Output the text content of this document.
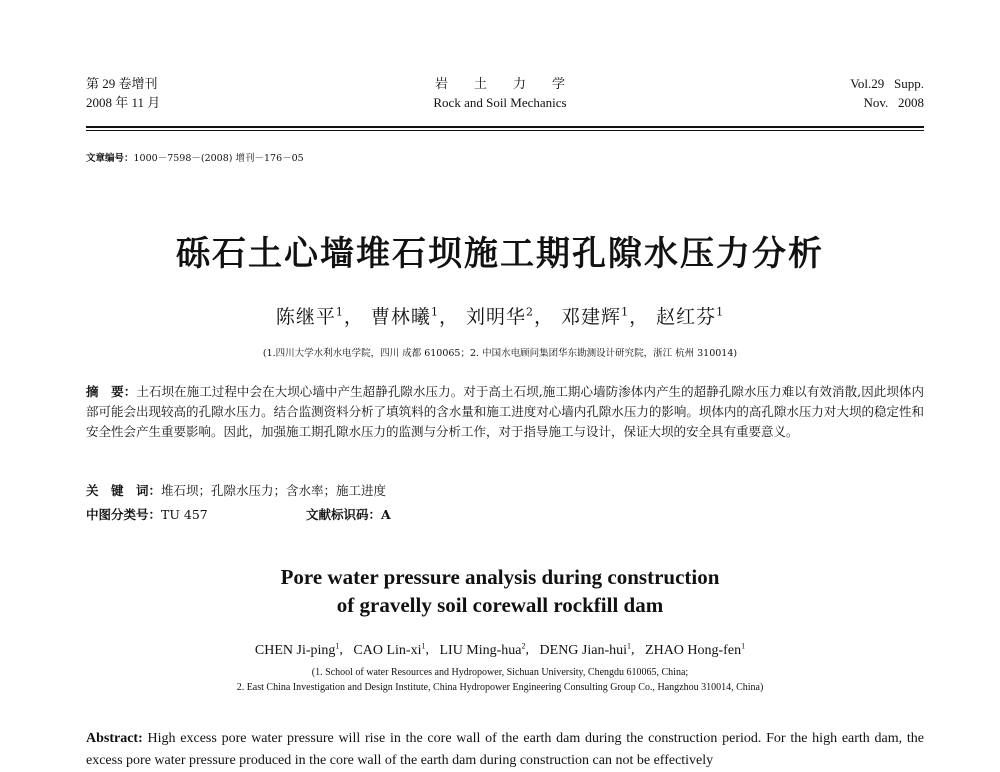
第 29 卷增刊
2008 年 11 月
岩　　土　　力　　学
Rock and Soil Mechanics
Vol.29   Supp.
Nov.   2008
文章编号：1000－7598－(2008) 增刊－176－05
砾石土心墙堆石坝施工期孔隙水压力分析
陈继平$^1$， 曹林曦$^1$， 刘明华$^2$， 邓建辉$^1$， 赵红芬$^1$
(1.四川大学水利水电学院，四川 成都 610065；2. 中国水电顾问集团华东勘测设计研究院，浙江 杭州 310014)
摘　要：土石坝在施工过程中会在大坝心墙中产生超静孔隙水压力。对于高土石坝,施工期心墙防渗体内产生的超静孔隙水压力难以有效消散,因此坝体内部可能会出现较高的孔隙水压力。结合监测资料分析了填筑料的含水量和施工进度对心墙内孔隙水压力的影响。坝体内的高孔隙水压力对大坝的稳定性和安全性会产生重要影响。因此，加强施工期孔隙水压力的监测与分析工作，对于指导施工与设计，保证大坝的安全具有重要意义。
关　键　词：堆石坝；孔隙水压力；含水率；施工进度
中图分类号：TU 457	文献标识码：A
Pore water pressure analysis during construction
of gravelly soil corewall rockfill dam
CHEN Ji-ping$^1$,   CAO Lin-$xi^1$,   LIU Ming-hua$^2$,   DENG Jian-hui$^1$,   ZHAO Hong-fen$^1$
(1. School of water Resources and Hydropower, Sichuan University, Chengdu 610065, China;
2. East China Investigation and Design Institute, China Hydropower Engineering Consulting Group Co., Hangzhou 310014, China)
Abstract: High excess pore water pressure will rise in the core wall of the earth dam during the construction period. For the high earth dam, the excess pore water pressure produced in the core wall of the earth dam during construction can not be effectively
